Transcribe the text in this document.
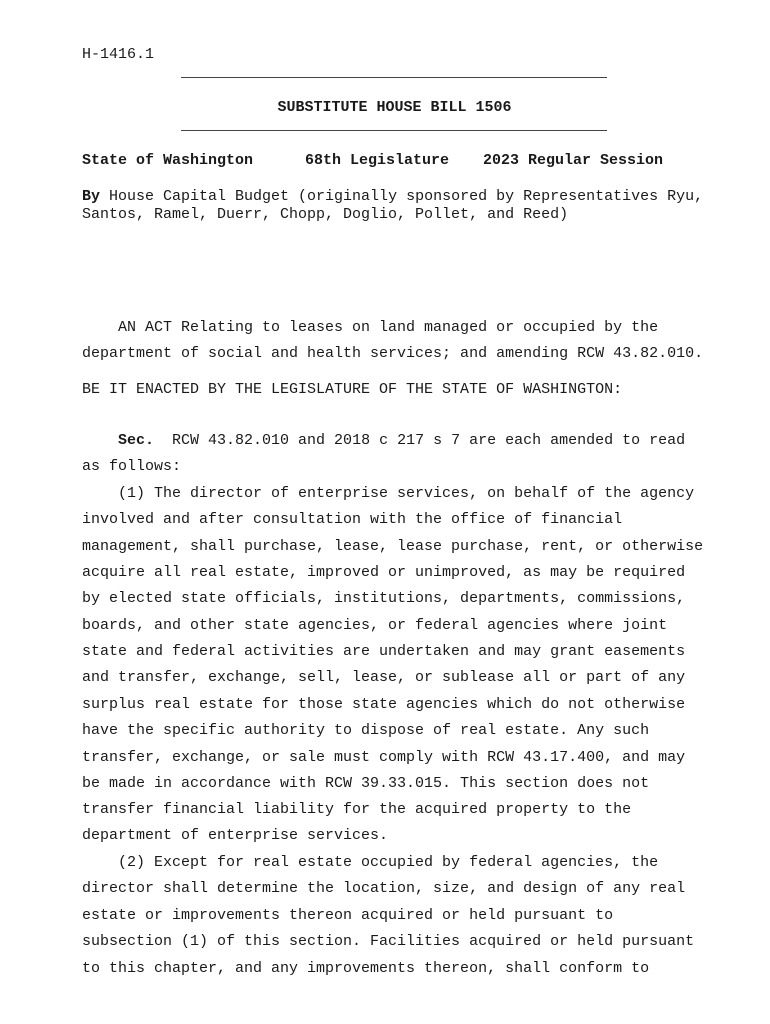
H-1416.1
SUBSTITUTE HOUSE BILL 1506
State of Washington	68th Legislature 2023 Regular Session
By House Capital Budget (originally sponsored by Representatives Ryu,
Santos, Ramel, Duerr, Chopp, Doglio, Pollet, and Reed)
AN ACT Relating to leases on land managed or occupied by the
department of social and health services; and amending RCW 43.82.010.
BE IT ENACTED BY THE LEGISLATURE OF THE STATE OF WASHINGTON:
Sec.  RCW 43.82.010 and 2018 c 217 s 7 are each amended to read
as follows:
(1) The director of enterprise services, on behalf of the agency
involved and after consultation with the office of financial
management, shall purchase, lease, lease purchase, rent, or otherwise
acquire all real estate, improved or unimproved, as may be required
by elected state officials, institutions, departments, commissions,
boards, and other state agencies, or federal agencies where joint
state and federal activities are undertaken and may grant easements
and transfer, exchange, sell, lease, or sublease all or part of any
surplus real estate for those state agencies which do not otherwise
have the specific authority to dispose of real estate. Any such
transfer, exchange, or sale must comply with RCW 43.17.400, and may
be made in accordance with RCW 39.33.015. This section does not
transfer financial liability for the acquired property to the
department of enterprise services.
(2) Except for real estate occupied by federal agencies, the
director shall determine the location, size, and design of any real
estate or improvements thereon acquired or held pursuant to
subsection (1) of this section. Facilities acquired or held pursuant
to this chapter, and any improvements thereon, shall conform to
